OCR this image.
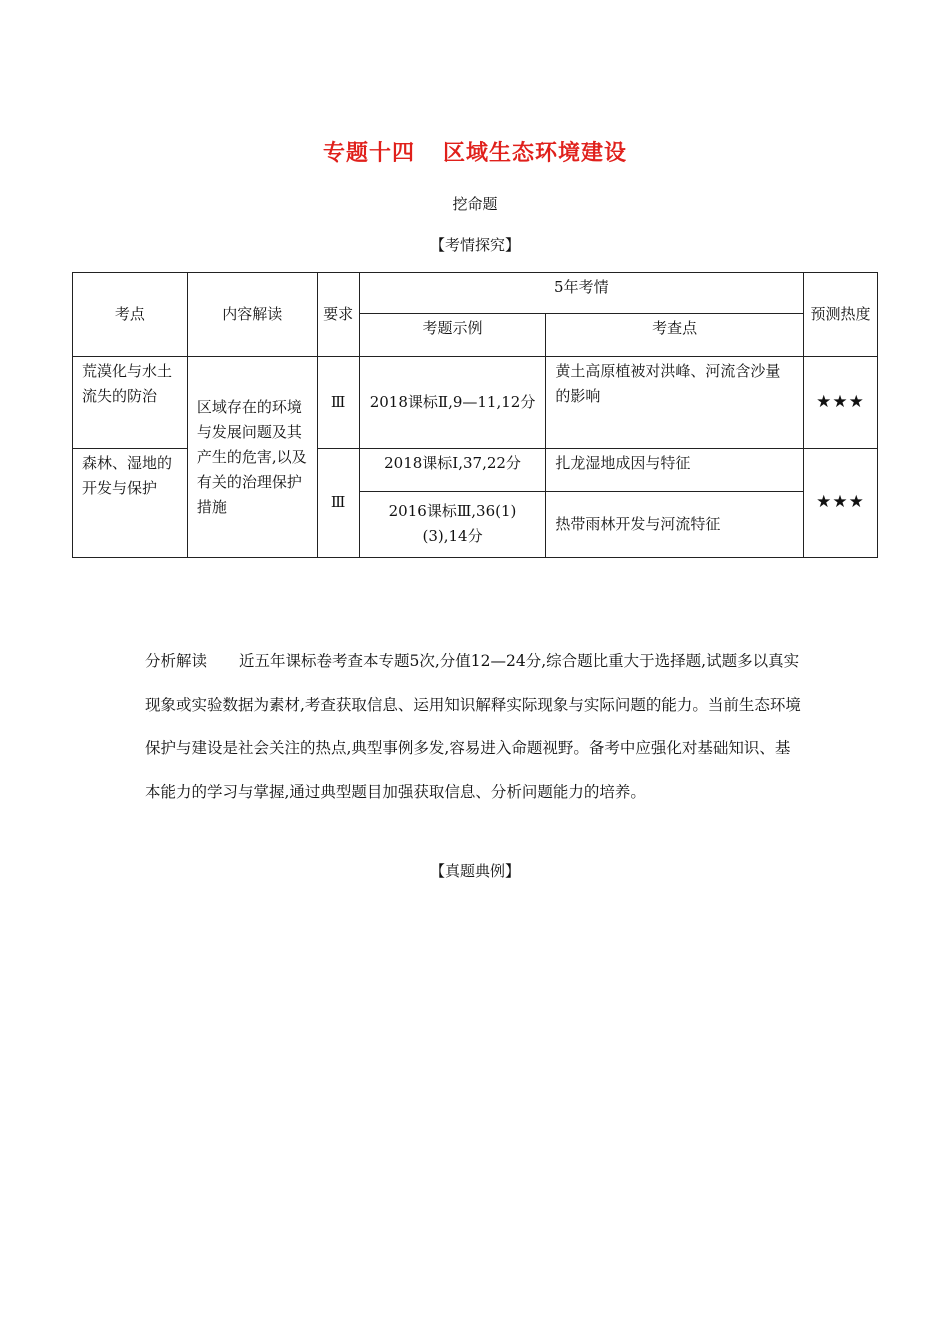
专题十四 区域生态环境建设
挖命题
【考情探究】
考点	内容解读	要求	5年考情		预测热度
			考题示例	考查点	
荒漠化与水土流失的防治	区域存在的环境与发展问题及其产生的危害,以及有关的治理保护措施	Ⅲ	2018课标Ⅱ,9—11,12分	黄土高原植被对洪峰、河流含沙量的影响	★★★
森林、湿地的开发与保护		Ⅲ	2018课标Ⅰ,37,22分	扎龙湿地成因与特征	★★★
			2016课标Ⅲ,36(1)(3),14分	热带雨林开发与河流特征	
分析解读 近五年课标卷考查本专题5次,分值12—24分,综合题比重大于选择题,试题多以真实现象或实验数据为素材,考查获取信息、运用知识解释实际现象与实际问题的能力。当前生态环境保护与建设是社会关注的热点,典型事例多发,容易进入命题视野。备考中应强化对基础知识、基本能力的学习与掌握,通过典型题目加强获取信息、分析问题能力的培养。
【真题典例】
